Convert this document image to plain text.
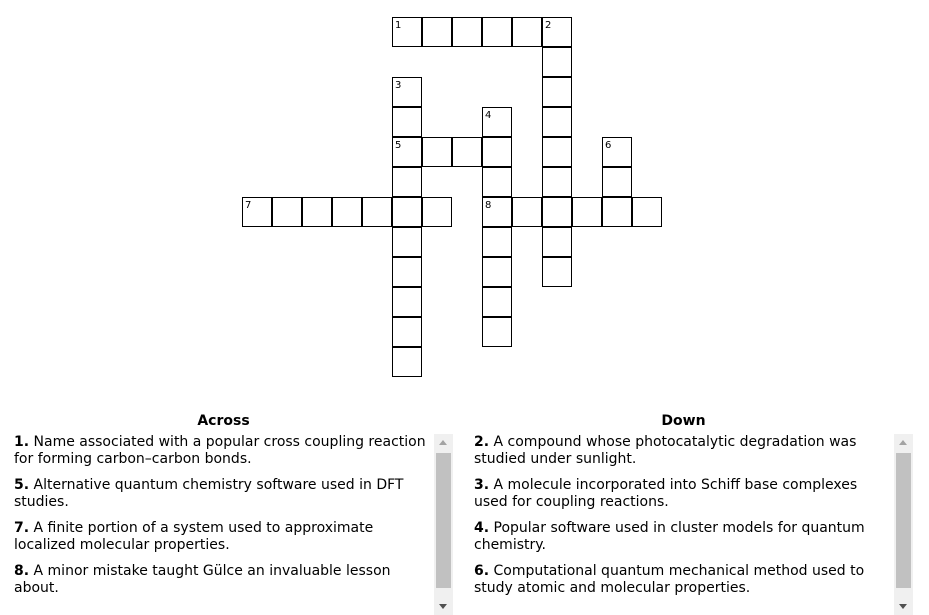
1	2
3
4
5	6
7	8
Across
1. Name associated with a popular cross coupling reaction for forming carbon–carbon bonds.
5. Alternative quantum chemistry software used in DFT studies.
7. A finite portion of a system used to approximate localized molecular properties.
8. A minor mistake taught Gülce an invaluable lesson about.
Down
2. A compound whose photocatalytic degradation was studied under sunlight.
3. A molecule incorporated into Schiff base complexes used for coupling reactions.
4. Popular software used in cluster models for quantum chemistry.
6. Computational quantum mechanical method used to study atomic and molecular properties.
